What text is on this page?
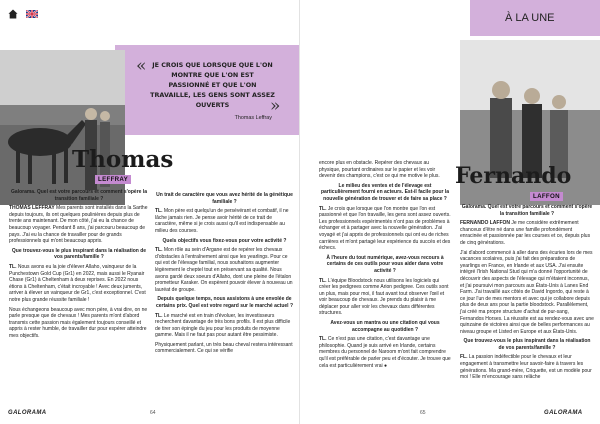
« JE CROIS QUE LORSQUE QUE L'ON MONTRE QUE L'ON EST PASSIONNÉ ET QUE L'ON TRAVAILLE, LES GENS SONT ASSEZ OUVERTS	»
Thomas Leffray
Thomas
LEFFRAY

Galorama. Quel est votre parcours et comment s'opère la transition familiale ?

THOMAS LEFFRAY Mes parents sont installés dans la Sarthe depuis toujours, ils ont quelques poulinières depuis plus de trente ans maintenant. De mon côté, j'ai eu la chance de beaucoup voyager. Pendant 8 ans, j'ai parcouru beaucoup de pays. J'ai eu la chance de travailler pour de grands professionnels qui m'ont beaucoup appris.

Que trouvez-vous le plus inspirant dans la réalisation de vos parents/famille ?

TL. Nous avons eu la joie d'élever Allaho, vainqueur de la Punchestown Gold Cup (Gr1) en 2022, mais aussi le Ryanair Chase (Gr1) à Cheltenham à deux reprises. En 2022 nous étions à Cheltenham, c'était incroyable ! Avec deux juments, arriver à élever un vainqueur de Gr1, c'est exceptionnel. C'est notre plus grande réussite familiale !

Nous échangeons beaucoup avec mon père, à vrai dire, on ne parle presque que de chevaux ! Mes parents m'ont d'abord transmis cette passion mais également toujours conseillé et appris à rester humble, de travailler dur pour espérer atteindre mes objectifs.

Un trait de caractère que vous avez hérité de la génétique familiale ?

TL. Mon père est quelqu'un de persévérant et combatif, il ne lâche jamais rien. Je pense avoir hérité de ce trait de caractère, même si je crois aussi qu'il est indispensable au milieu des courses.

Quels objectifs vous fixez-vous pour votre activité ?

TL. Mon rôle au sein d'Argane est de repérer les chevaux d'obstacles à l'entraînement ainsi que les yearlings. Pour ce qui est de l'élevage familial, nous souhaitons augmenter légèrement le cheptel tout en préservant sa qualité. Nous avons gardé deux soeurs d'Allaho, dont une pleine de l'étalon prometteur Karaker. On espèrent pouvoir élever à nouveau un lauréat de groupe.

Depuis quelque temps, nous assistons à une envolée de certains prix. Quel est votre regard sur le marché actuel ?

TL. Le marché est en train d'évoluer, les investisseurs recherchent davantage de très bons profils. Il est plus difficile de tirer son épingle du jeu pour les produits de moyenne gamme. Mais il ne faut pas pour autant être pessimiste.

Physiquement parlant, un très beau cheval restera intéressant commercialement. Ce qui se vérifie

GALORAMA	64
À LA UNE
Fernando
LAFFON

encore plus en obstacle. Repérer des chevaux au physique, pourtant ordinaires sur le papier et les voir devenir des champions, c'est ce qui me motive le plus.

Le milieu des ventes et de l'élevage est particulièrement fourni en acteurs. Est-il facile pour la nouvelle génération de trouver et de faire sa place ?

TL. Je crois que lorsque que l'on montre que l'on est passionné et que l'on travaille, les gens sont assez ouverts. Les professionnels expérimentés n'ont pas de problèmes à échanger et à partager avec la nouvelle génération. J'ai voyagé et j'ai appris de professionnels qui ont eu de riches carrières et m'ont partagé leur expérience du succès et des échecs.

À l'heure du tout numérique, avez-vous recours à certains de ces outils pour vous aider dans votre activité ?

TL. L'équipe Bloodstock nous utilisons les logiciels qui créer les pedigrees comme Arion pedigree. Ces outils sont un plus, mais pour moi, il faut avant tout observer l'œil et voir beaucoup de chevaux. Je prends du plaisir à me déplacer pour aller voir les chevaux dans différentes structures.

Avez-vous un mantra ou une citation qui vous accompagne au quotidien ?

TL. Ce n'est pas une citation, c'est davantage une philosophie. Quand je suis arrivé en Irlande, certains membres du personnel de Naroom m'ont fait comprendre qu'il est préférable de parler peu et d'écouter. Je trouve que cela est particulièrement vrai ●

Galorama. Quel est votre parcours et comment s'opère la transition familiale ?

FERNANDO LAFFON Je me considère extrêmement chanceux d'être né dans une famille profondément enracinée et passionnée par les courses et ce, depuis plus de cinq générations.

J'ai d'abord commencé à aller dans des écuries lors de mes vacances scolaires, puis j'ai fait des préparations de yearlings en France, en Irlande et aux USA. J'ai ensuite intégré l'Irish National Stud qui m'a donné l'opportunité de découvrir des aspects de l'élevage qui m'étaient inconnus, et j'ai poursuivi mon parcours aux États-Unis à Lanes End Farm. J'ai travaillé aux côtés de David Ingordo, qui reste à ce jour l'un de mes mentors et avec qui je collabore depuis plus de deux ans pour la partie bloodstock. Parallèlement, j'ai créé ma propre structure d'achat de pur-sang, Fernandos Horses. La réussite est au rendez-vous avec une quinzaine de victoires ainsi que de belles performances au niveau groupe et Listed en Europe et aux États-Unis.

Que trouvez-vous le plus inspirant dans la réalisation de vos parents/famille ?

FL. La passion indéfectible pour le chevaux et leur engagement à transmettre leur savoir-faire à travers les générations. Ma grand-mère, Criquette, est un modèle pour moi ! Elle m'encourage sans relâche

65	GALORAMA
